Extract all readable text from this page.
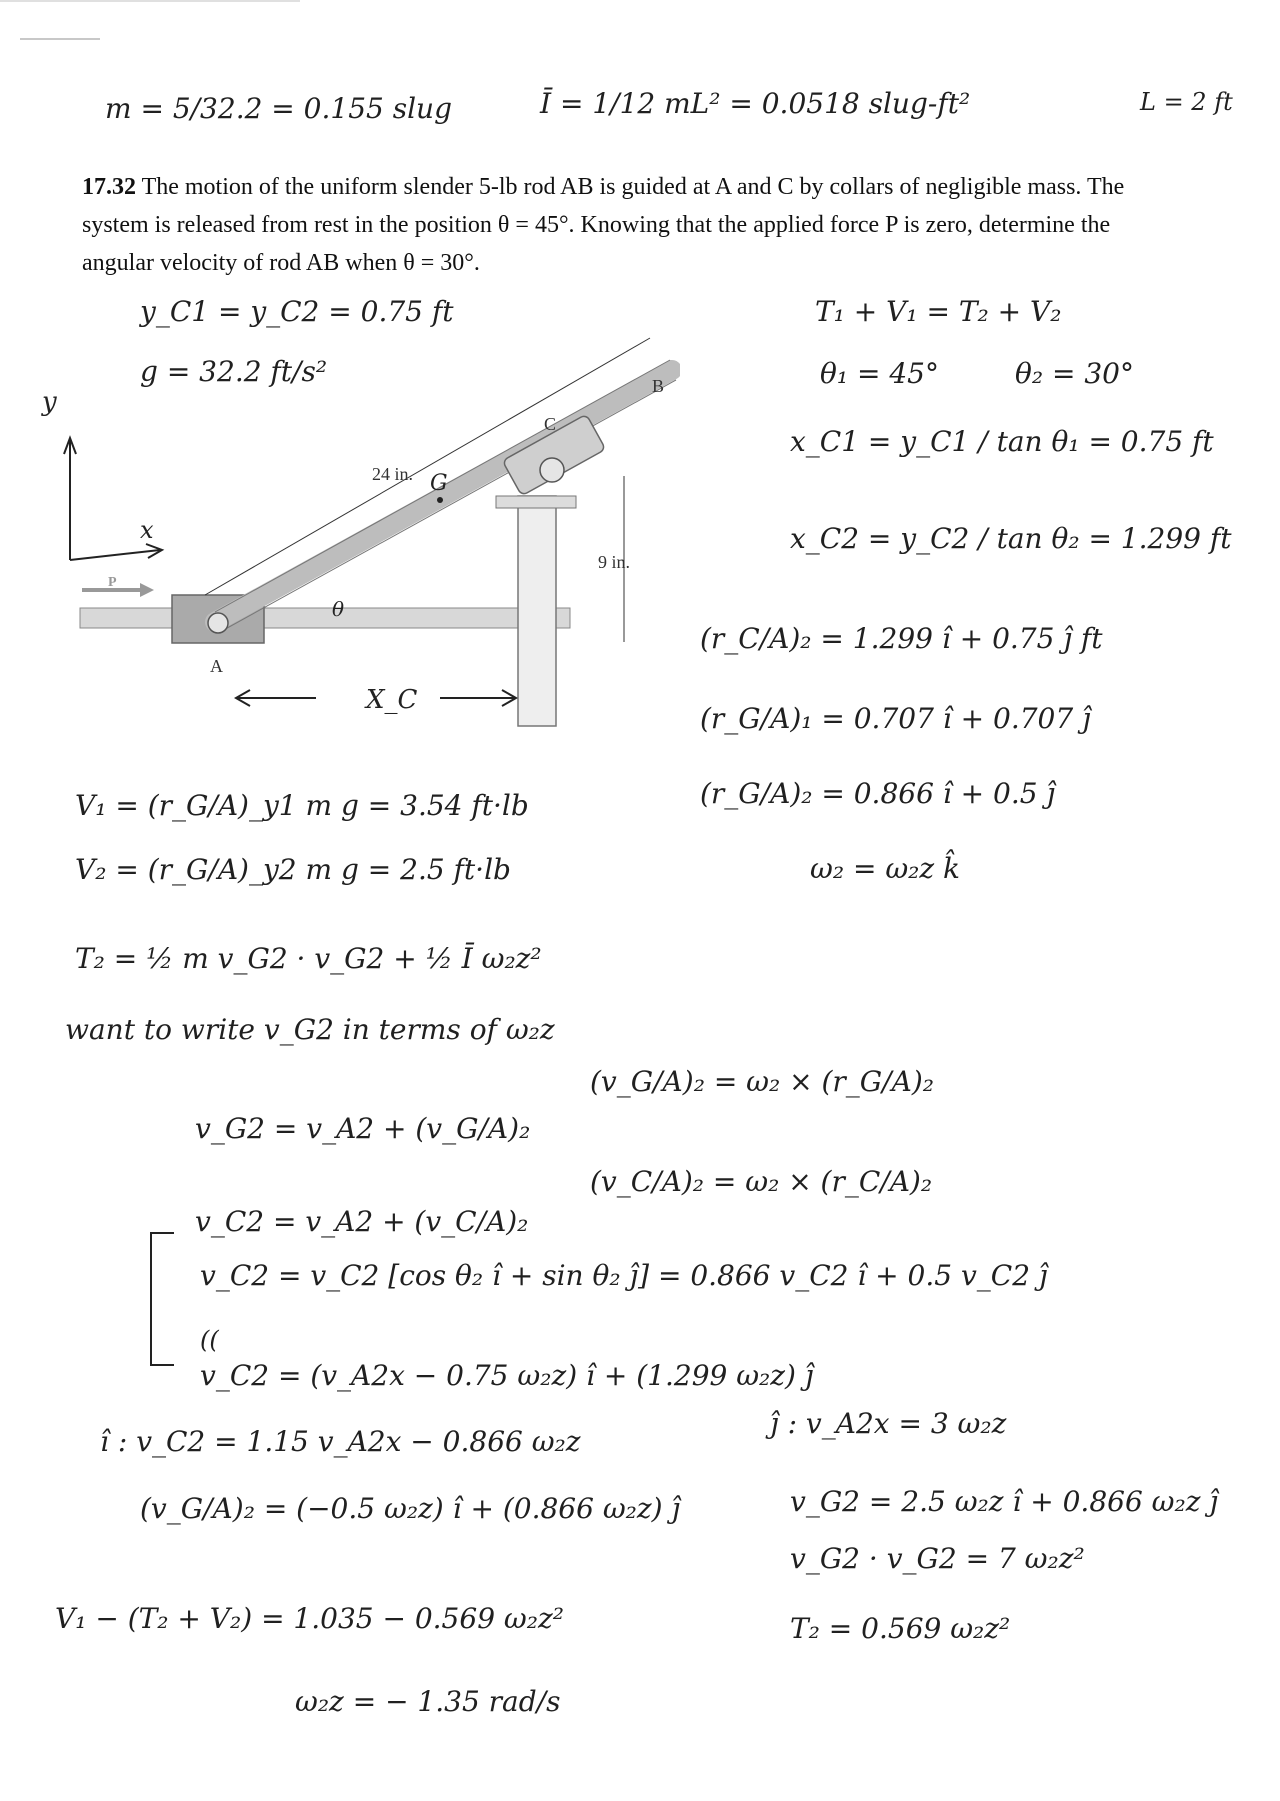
m = 5/32.2 = 0.155 slug	Ī = 1/12 mL² = 0.0518 slug-ft²	L = 2 ft
17.32 The motion of the uniform slender 5-lb rod AB is guided at A and C by collars of negligible mass. The system is released from rest in the position θ = 45°. Knowing that the applied force P is zero, determine the angular velocity of rod AB when θ = 30°.
y_C1 = y_C2 = 0.75 ft
g = 32.2 ft/s²
T₁ + V₁ = T₂ + V₂
θ₁ = 45°	θ₂ = 30°
x_C1 = y_C1 / tan θ₁ = 0.75 ft
x_C2 = y_C2 / tan θ₂ = 1.299 ft
(r_C/A)₂ = 1.299 î + 0.75 ĵ ft
(r_G/A)₁ = 0.707 î + 0.707 ĵ
(r_G/A)₂ = 0.866 î + 0.5 ĵ
ω₂ = ω₂z k̂
y
x
P
24 in. G
9 in.
B
C
A
θ
X_C
V₁ = (r_G/A)_y1 m g = 3.54 ft·lb
V₂ = (r_G/A)_y2 m g = 2.5 ft·lb
T₂ = ½ m v_G2 · v_G2 + ½ Ī ω₂z²
want to write v_G2 in terms of ω₂z
(v_G/A)₂ = ω₂ × (r_G/A)₂
v_G2 = v_A2 + (v_G/A)₂
(v_C/A)₂ = ω₂ × (r_C/A)₂
v_C2 = v_A2 + (v_C/A)₂
v_C2 = v_C2 [cos θ₂ î + sin θ₂ ĵ] = 0.866 v_C2 î + 0.5 v_C2 ĵ
((
v_C2 = (v_A2x − 0.75 ω₂z) î + (1.299 ω₂z) ĵ
î : v_C2 = 1.15 v_A2x − 0.866 ω₂z
ĵ : v_A2x = 3 ω₂z
(v_G/A)₂ = (−0.5 ω₂z) î + (0.866 ω₂z) ĵ	v_G2 = 2.5 ω₂z î + 0.866 ω₂z ĵ
v_G2 · v_G2 = 7 ω₂z²
V₁ − (T₂ + V₂) = 1.035 − 0.569 ω₂z²	T₂ = 0.569 ω₂z²
ω₂z = − 1.35 rad/s
